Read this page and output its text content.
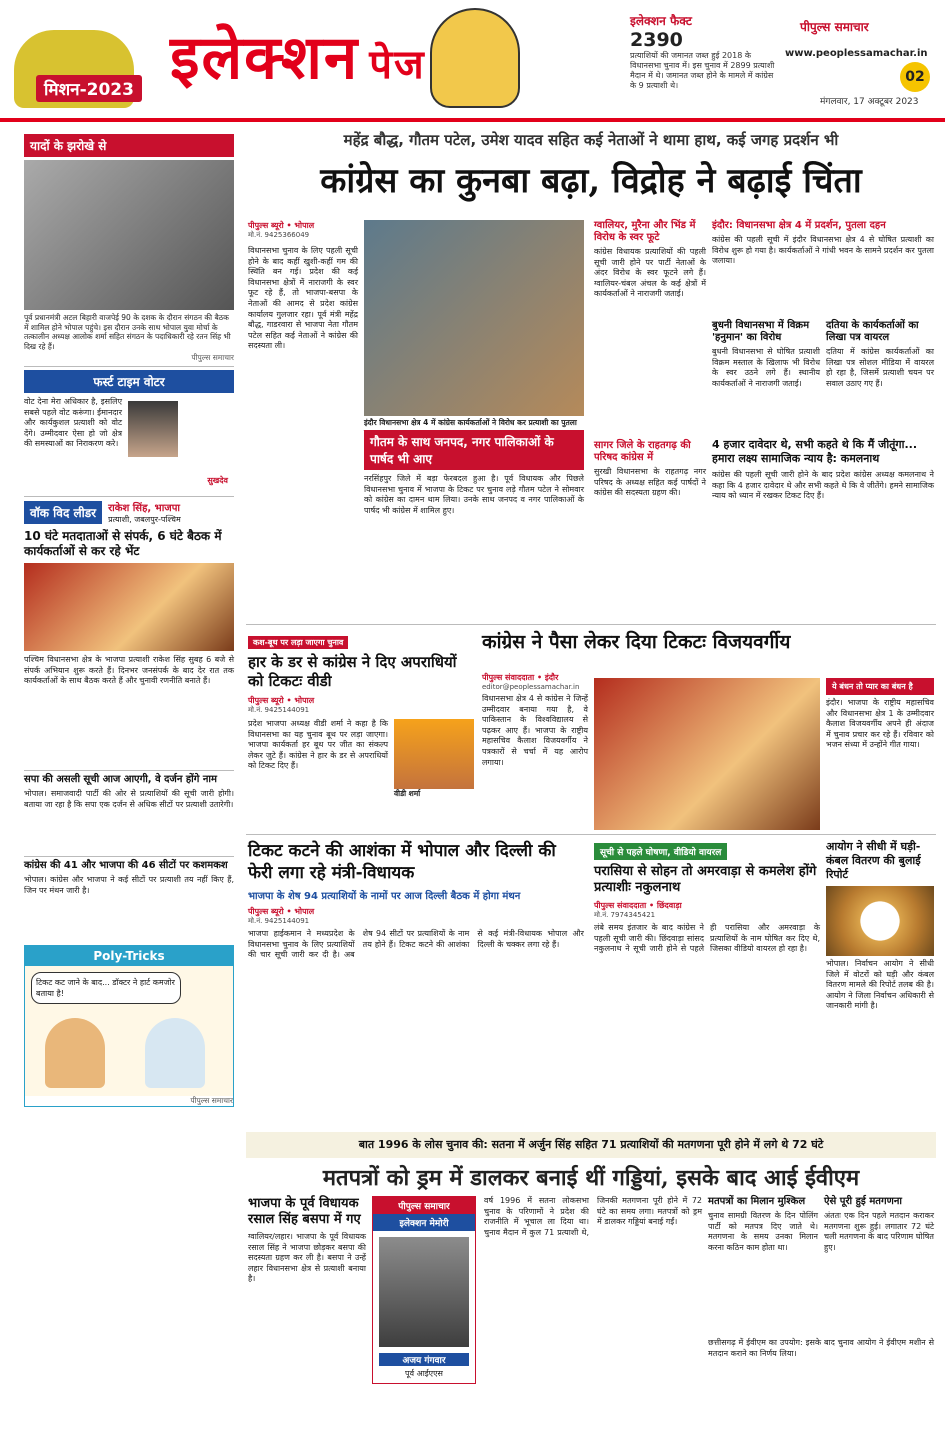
मिशन-2023 इलेक्शन पेज
इलेक्शन फैक्ट
2390
प्रत्याशियों की जमानत जब्त हुई 2018 के विधानसभा चुनाव में। इस चुनाव में 2899 प्रत्याशी मैदान में थे। जमानत जब्त होने के मामले में कांग्रेस के 9 प्रत्याशी थे।
पीपुल्स समाचार
www.peoplessamachar.in
02
मंगलवार, 17 अक्टूबर 2023
यादों के झरोखे से
पूर्व प्रधानमंत्री अटल बिहारी वाजपेई 90 के दशक के दौरान संगठन की बैठक में शामिल होने भोपाल पहुंचे। इस दौरान उनके साथ भोपाल युवा मोर्चा के तत्कालीन अध्यक्ष आलोक शर्मा सहित संगठन के पदाधिकारी रहे रतन सिंह भी दिख रहे हैं।
पीपुल्स समाचार
फर्स्ट टाइम वोटर
वोट देना मेरा अधिकार है, इसलिए सबसे पहले वोट करूंगा। ईमानदार और कार्यकुशल प्रत्याशी को वोट देंगे। उम्मीदवार ऐसा हो जो क्षेत्र की समस्याओं का निराकरण करे।
सुखदेव
वॉक विद लीडर	राकेश सिंह, भाजपा
प्रत्याशी, जबलपुर-पश्चिम
10 घंटे मतदाताओं से संपर्क, 6 घंटे बैठक में कार्यकर्ताओं से कर रहे भेंट
पश्चिम विधानसभा क्षेत्र के भाजपा प्रत्याशी राकेश सिंह सुबह 6 बजे से संपर्क अभियान शुरू करते हैं। दिनभर जनसंपर्क के बाद देर रात तक कार्यकर्ताओं के साथ बैठक करते हैं और चुनावी रणनीति बनाते हैं।
सपा की असली सूची आज आएगी, वे दर्जन होंगे नाम
भोपाल। समाजवादी पार्टी की ओर से प्रत्याशियों की सूची जारी होगी। बताया जा रहा है कि सपा एक दर्जन से अधिक सीटों पर प्रत्याशी उतारेगी।
कांग्रेस की 41 और भाजपा की 46 सीटों पर कशमकश
भोपाल। कांग्रेस और भाजपा ने कई सीटों पर प्रत्याशी तय नहीं किए हैं, जिन पर मंथन जारी है।
Poly-Tricks
टिकट कट जाने के बाद... डॉक्टर ने हार्ट कमजोर बताया है!
पीपुल्स समाचार
महेंद्र बौद्ध, गौतम पटेल, उमेश यादव सहित कई नेताओं ने थामा हाथ, कई जगह प्रदर्शन भी
कांग्रेस का कुनबा बढ़ा, विद्रोह ने बढ़ाई चिंता
पीपुल्स ब्यूरो • भोपाल
मो.नं. 9425366049
विधानसभा चुनाव के लिए पहली सूची होने के बाद कहीं खुशी-कहीं गम की स्थिति बन गई। प्रदेश की कई विधानसभा क्षेत्रों में नाराजगी के स्वर फूट रहे हैं, तो भाजपा-बसपा के नेताओं की आमद से प्रदेश कांग्रेस कार्यालय गुलजार रहा। पूर्व मंत्री महेंद्र बौद्ध, गाडरवारा से भाजपा नेता गौतम पटेल सहित कई नेताओं ने कांग्रेस की सदस्यता ली।
इंदौर विधानसभा क्षेत्र 4 में कांग्रेस कार्यकर्ताओं ने विरोध कर प्रत्याशी का पुतला
गौतम के साथ जनपद, नगर पालिकाओं के पार्षद भी आए
नरसिंहपुर जिले में बड़ा फेरबदल हुआ है। पूर्व विधायक और पिछले विधानसभा चुनाव में भाजपा के टिकट पर चुनाव लड़े गौतम पटेल ने सोमवार को कांग्रेस का दामन थाम लिया। उनके साथ जनपद व नगर पालिकाओं के पार्षद भी कांग्रेस में शामिल हुए।
ग्वालियर, मुरैना और भिंड में विरोध के स्वर फूटे
कांग्रेस विधायक प्रत्याशियों की पहली सूची जारी होने पर पार्टी नेताओं के अंदर विरोध के स्वर फूटने लगे हैं। ग्वालियर-चंबल अंचल के कई क्षेत्रों में कार्यकर्ताओं ने नाराजगी जताई।
इंदौर: विधानसभा क्षेत्र 4 में प्रदर्शन, पुतला दहन
कांग्रेस की पहली सूची में इंदौर विधानसभा क्षेत्र 4 से घोषित प्रत्याशी का विरोध शुरू हो गया है। कार्यकर्ताओं ने गांधी भवन के सामने प्रदर्शन कर पुतला जलाया।
बुधनी विधानसभा में विक्रम 'हनुमान' का विरोध
बुधनी विधानसभा से घोषित प्रत्याशी विक्रम मस्ताल के खिलाफ भी विरोध के स्वर उठने लगे हैं। स्थानीय कार्यकर्ताओं ने नाराजगी जताई।
दतिया के कार्यकर्ताओं का लिखा पत्र वायरल
दतिया में कांग्रेस कार्यकर्ताओं का लिखा पत्र सोशल मीडिया में वायरल हो रहा है, जिसमें प्रत्याशी चयन पर सवाल उठाए गए हैं।
सागर जिले के राहतगढ़ की परिषद कांग्रेस में
सुरखी विधानसभा के राहतगढ़ नगर परिषद के अध्यक्ष सहित कई पार्षदों ने कांग्रेस की सदस्यता ग्रहण की।
4 हजार दावेदार थे, सभी कहते थे कि मैं जीतूंगा... हमारा लक्ष्य सामाजिक न्याय है: कमलनाथ
कांग्रेस की पहली सूची जारी होने के बाद प्रदेश कांग्रेस अध्यक्ष कमलनाथ ने कहा कि 4 हजार दावेदार थे और सभी कहते थे कि वे जीतेंगे। हमने सामाजिक न्याय को ध्यान में रखकर टिकट दिए हैं।
कश-बूथ पर लड़ा जाएगा चुनाव
हार के डर से कांग्रेस ने दिए अपराधियों को टिकटः वीडी
पीपुल्स ब्यूरो • भोपाल
मो.नं. 9425144091
प्रदेश भाजपा अध्यक्ष वीडी शर्मा ने कहा है कि विधानसभा का यह चुनाव बूथ पर लड़ा जाएगा। भाजपा कार्यकर्ता हर बूथ पर जीत का संकल्प लेकर जुटे हैं। कांग्रेस ने हार के डर से अपराधियों को टिकट दिए हैं।
वीडी शर्मा
कांग्रेस ने पैसा लेकर दिया टिकटः विजयवर्गीय
पीपुल्स संवाददाता • इंदौर
editor@peoplessamachar.in
विधानसभा क्षेत्र 4 से कांग्रेस ने जिन्हें उम्मीदवार बनाया गया है, वे पाकिस्तान के विश्वविद्यालय से पढ़कर आए हैं। भाजपा के राष्ट्रीय महासचिव कैलाश विजयवर्गीय ने पत्रकारों से चर्चा में यह आरोप लगाया।
ये बंधन तो प्यार का बंधन है
इंदौर। भाजपा के राष्ट्रीय महासचिव और विधानसभा क्षेत्र 1 के उम्मीदवार कैलाश विजयवर्गीय अपने ही अंदाज में चुनाव प्रचार कर रहे हैं। रविवार को भजन संध्या में उन्होंने गीत गाया।
टिकट कटने की आशंका में भोपाल और दिल्ली की फेरी लगा रहे मंत्री-विधायक
भाजपा के शेष 94 प्रत्याशियों के नामों पर आज दिल्ली बैठक में होगा मंथन
पीपुल्स ब्यूरो • भोपाल
मो.नं. 9425144091
भाजपा हाईकमान ने मध्यप्रदेश के विधानसभा चुनाव के लिए प्रत्याशियों की चार सूची जारी कर दी है। अब शेष 94 सीटों पर प्रत्याशियों के नाम तय होने हैं। टिकट कटने की आशंका से कई मंत्री-विधायक भोपाल और दिल्ली के चक्कर लगा रहे हैं।
सूची से पहले घोषणा, वीडियो वायरल
परासिया से सोहन तो अमरवाड़ा से कमलेश होंगे प्रत्याशीः नकुलनाथ
पीपुल्स संवाददाता • छिंदवाड़ा
मो.नं. 7974345421
लंबे समय इंतजार के बाद कांग्रेस ने पहली सूची जारी की। छिंदवाड़ा सांसद नकुलनाथ ने सूची जारी होने से पहले ही परासिया और अमरवाड़ा के प्रत्याशियों के नाम घोषित कर दिए थे, जिसका वीडियो वायरल हो रहा है।
आयोग ने सीधी में घड़ी- कंबल वितरण की बुलाई रिपोर्ट
भोपाल। निर्वाचन आयोग ने सीधी जिले में वोटरों को घड़ी और कंबल वितरण मामले की रिपोर्ट तलब की है। आयोग ने जिला निर्वाचन अधिकारी से जानकारी मांगी है।
बात 1996 के लोस चुनाव की: सतना में अर्जुन सिंह सहित 71 प्रत्याशियों की मतगणना पूरी होने में लगे थे 72 घंटे
मतपत्रों को ड्रम में डालकर बनाई थीं गड्डियां, इसके बाद आई ईवीएम
भाजपा के पूर्व विधायक रसाल सिंह बसपा में गए
ग्वालियर/लहार। भाजपा के पूर्व विधायक रसाल सिंह ने भाजपा छोड़कर बसपा की सदस्यता ग्रहण कर ली है। बसपा ने उन्हें लहार विधानसभा क्षेत्र से प्रत्याशी बनाया है।
पीपुल्स समाचार
इलेक्शन मेमोरी
अजय गंगवार
पूर्व आईएएस
वर्ष 1996 में सतना लोकसभा चुनाव के परिणामों ने प्रदेश की राजनीति में भूचाल ला दिया था। चुनाव मैदान में कुल 71 प्रत्याशी थे, जिनकी मतगणना पूरी होने में 72 घंटे का समय लगा। मतपत्रों को ड्रम में डालकर गड्डियां बनाई गईं।
मतपत्रों का मिलान मुश्किल
चुनाव सामग्री वितरण के दिन पोलिंग पार्टी को मतपत्र दिए जाते थे। मतगणना के समय उनका मिलान करना कठिन काम होता था।
ऐसे पूरी हुई मतगणना
अंततः एक दिन पहले मतदान कराकर मतगणना शुरू हुई। लगातार 72 घंटे चली मतगणना के बाद परिणाम घोषित हुए।
छत्तीसगढ़ में ईवीएम का उपयोग: इसके बाद चुनाव आयोग ने ईवीएम मशीन से मतदान कराने का निर्णय लिया।
